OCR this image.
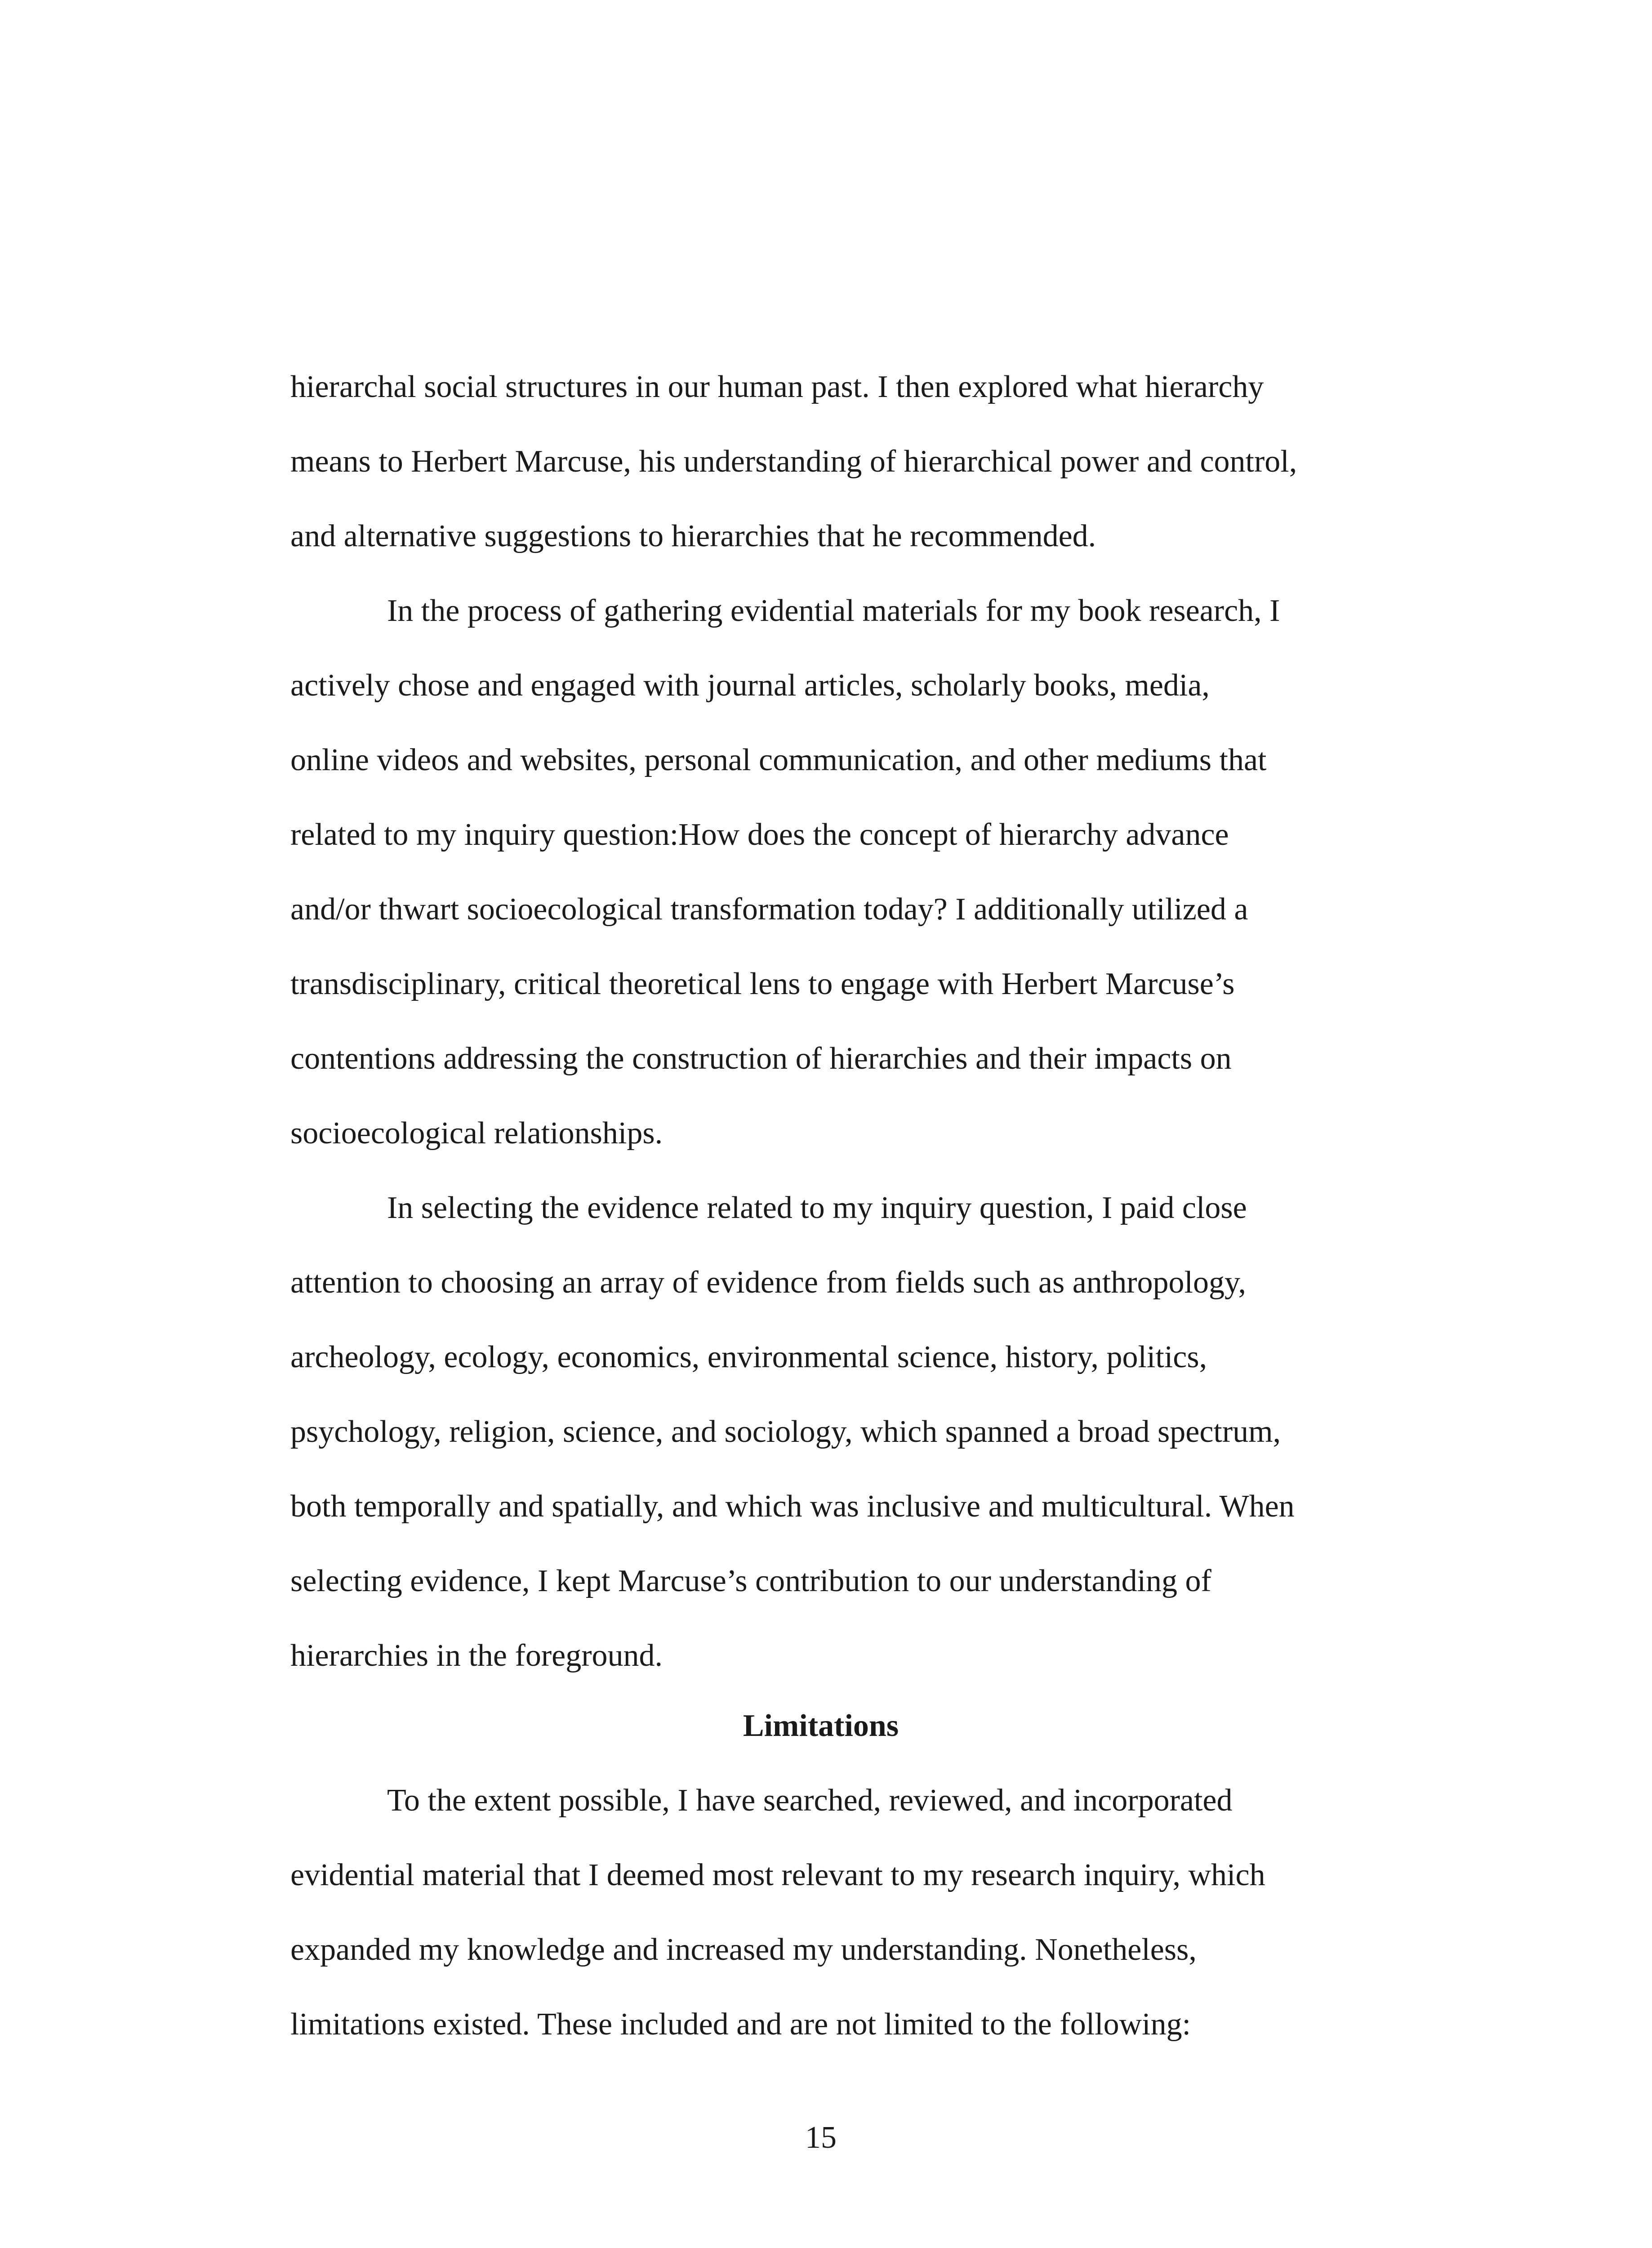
hierarchal social structures in our human past. I then explored what hierarchy
means to Herbert Marcuse, his understanding of hierarchical power and control,
and alternative suggestions to hierarchies that he recommended.
In the process of gathering evidential materials for my book research, I
actively chose and engaged with journal articles, scholarly books, media,
online videos and websites, personal communication, and other mediums that
related to my inquiry question:How does the concept of hierarchy advance
and/or thwart socioecological transformation today? I additionally utilized a
transdisciplinary, critical theoretical lens to engage with Herbert Marcuse’s
contentions addressing the construction of hierarchies and their impacts on
socioecological relationships.
In selecting the evidence related to my inquiry question, I paid close
attention to choosing an array of evidence from fields such as anthropology,
archeology, ecology, economics, environmental science, history, politics,
psychology, religion, science, and sociology, which spanned a broad spectrum,
both temporally and spatially, and which was inclusive and multicultural. When
selecting evidence, I kept Marcuse’s contribution to our understanding of
hierarchies in the foreground.
Limitations
To the extent possible, I have searched, reviewed, and incorporated
evidential material that I deemed most relevant to my research inquiry, which
expanded my knowledge and increased my understanding. Nonetheless,
limitations existed. These included and are not limited to the following:
15
